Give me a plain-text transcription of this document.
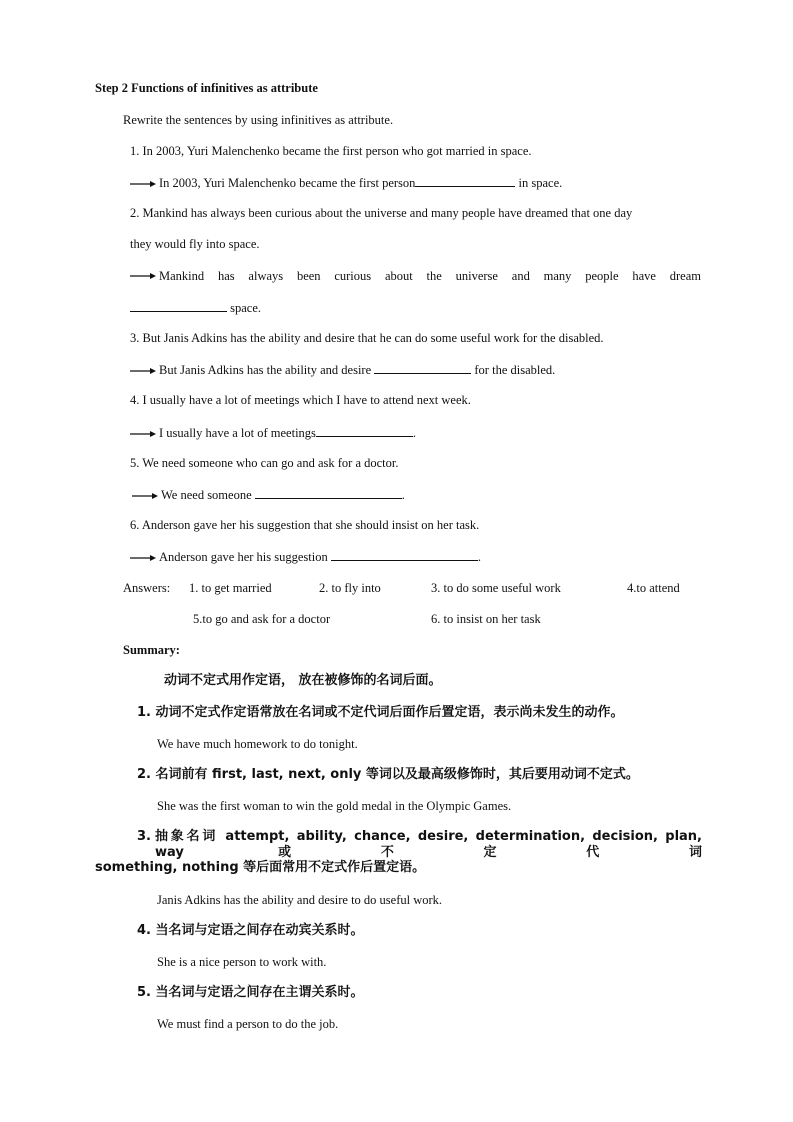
Step 2 Functions of infinitives as attribute
Rewrite the sentences by using infinitives as attribute.
1. In 2003, Yuri Malenchenko became the first person who got married in space.
In 2003, Yuri Malenchenko became the first person	in space.
2. Mankind has always been curious about the universe and many people have dreamed that one day
they would fly into space.
Mankind has always been curious about the universe and many people have dream
space.
3. But Janis Adkins has the ability and desire that he can do some useful work for the disabled.
But Janis Adkins has the ability and desire	for the disabled.
4. I usually have a lot of meetings which I have to attend next week.
I usually have a lot of meetings	.
5. We need someone who can go and ask for a doctor.
We need someone	.
6. Anderson gave her his suggestion that she should insist on her task.
Anderson gave her his suggestion	.
Answers: 1. to get married	2. to fly into	3. to do some useful work	4.to attend
5.to go and ask for a doctor	6. to insist on her task
Summary:
动词不定式用作定语， 放在被修饰的名词后面。
1. 动词不定式作定语常放在名词或不定代词后面作后置定语，表示尚未发生的动作。
We have much homework to do tonight.
2. 名词前有 first, last, next, only 等词以及最高级修饰时，其后要用动词不定式。
She was the first woman to win the gold medal in the Olympic Games.
3. 抽象名词 attempt, ability, chance, desire, determination, decision, plan, way 或不定代词
something, nothing 等后面常用不定式作后置定语。
Janis Adkins has the ability and desire to do useful work.
4. 当名词与定语之间存在动宾关系时。
She is a nice person to work with.
5. 当名词与定语之间存在主谓关系时。
We must find a person to do the job.
